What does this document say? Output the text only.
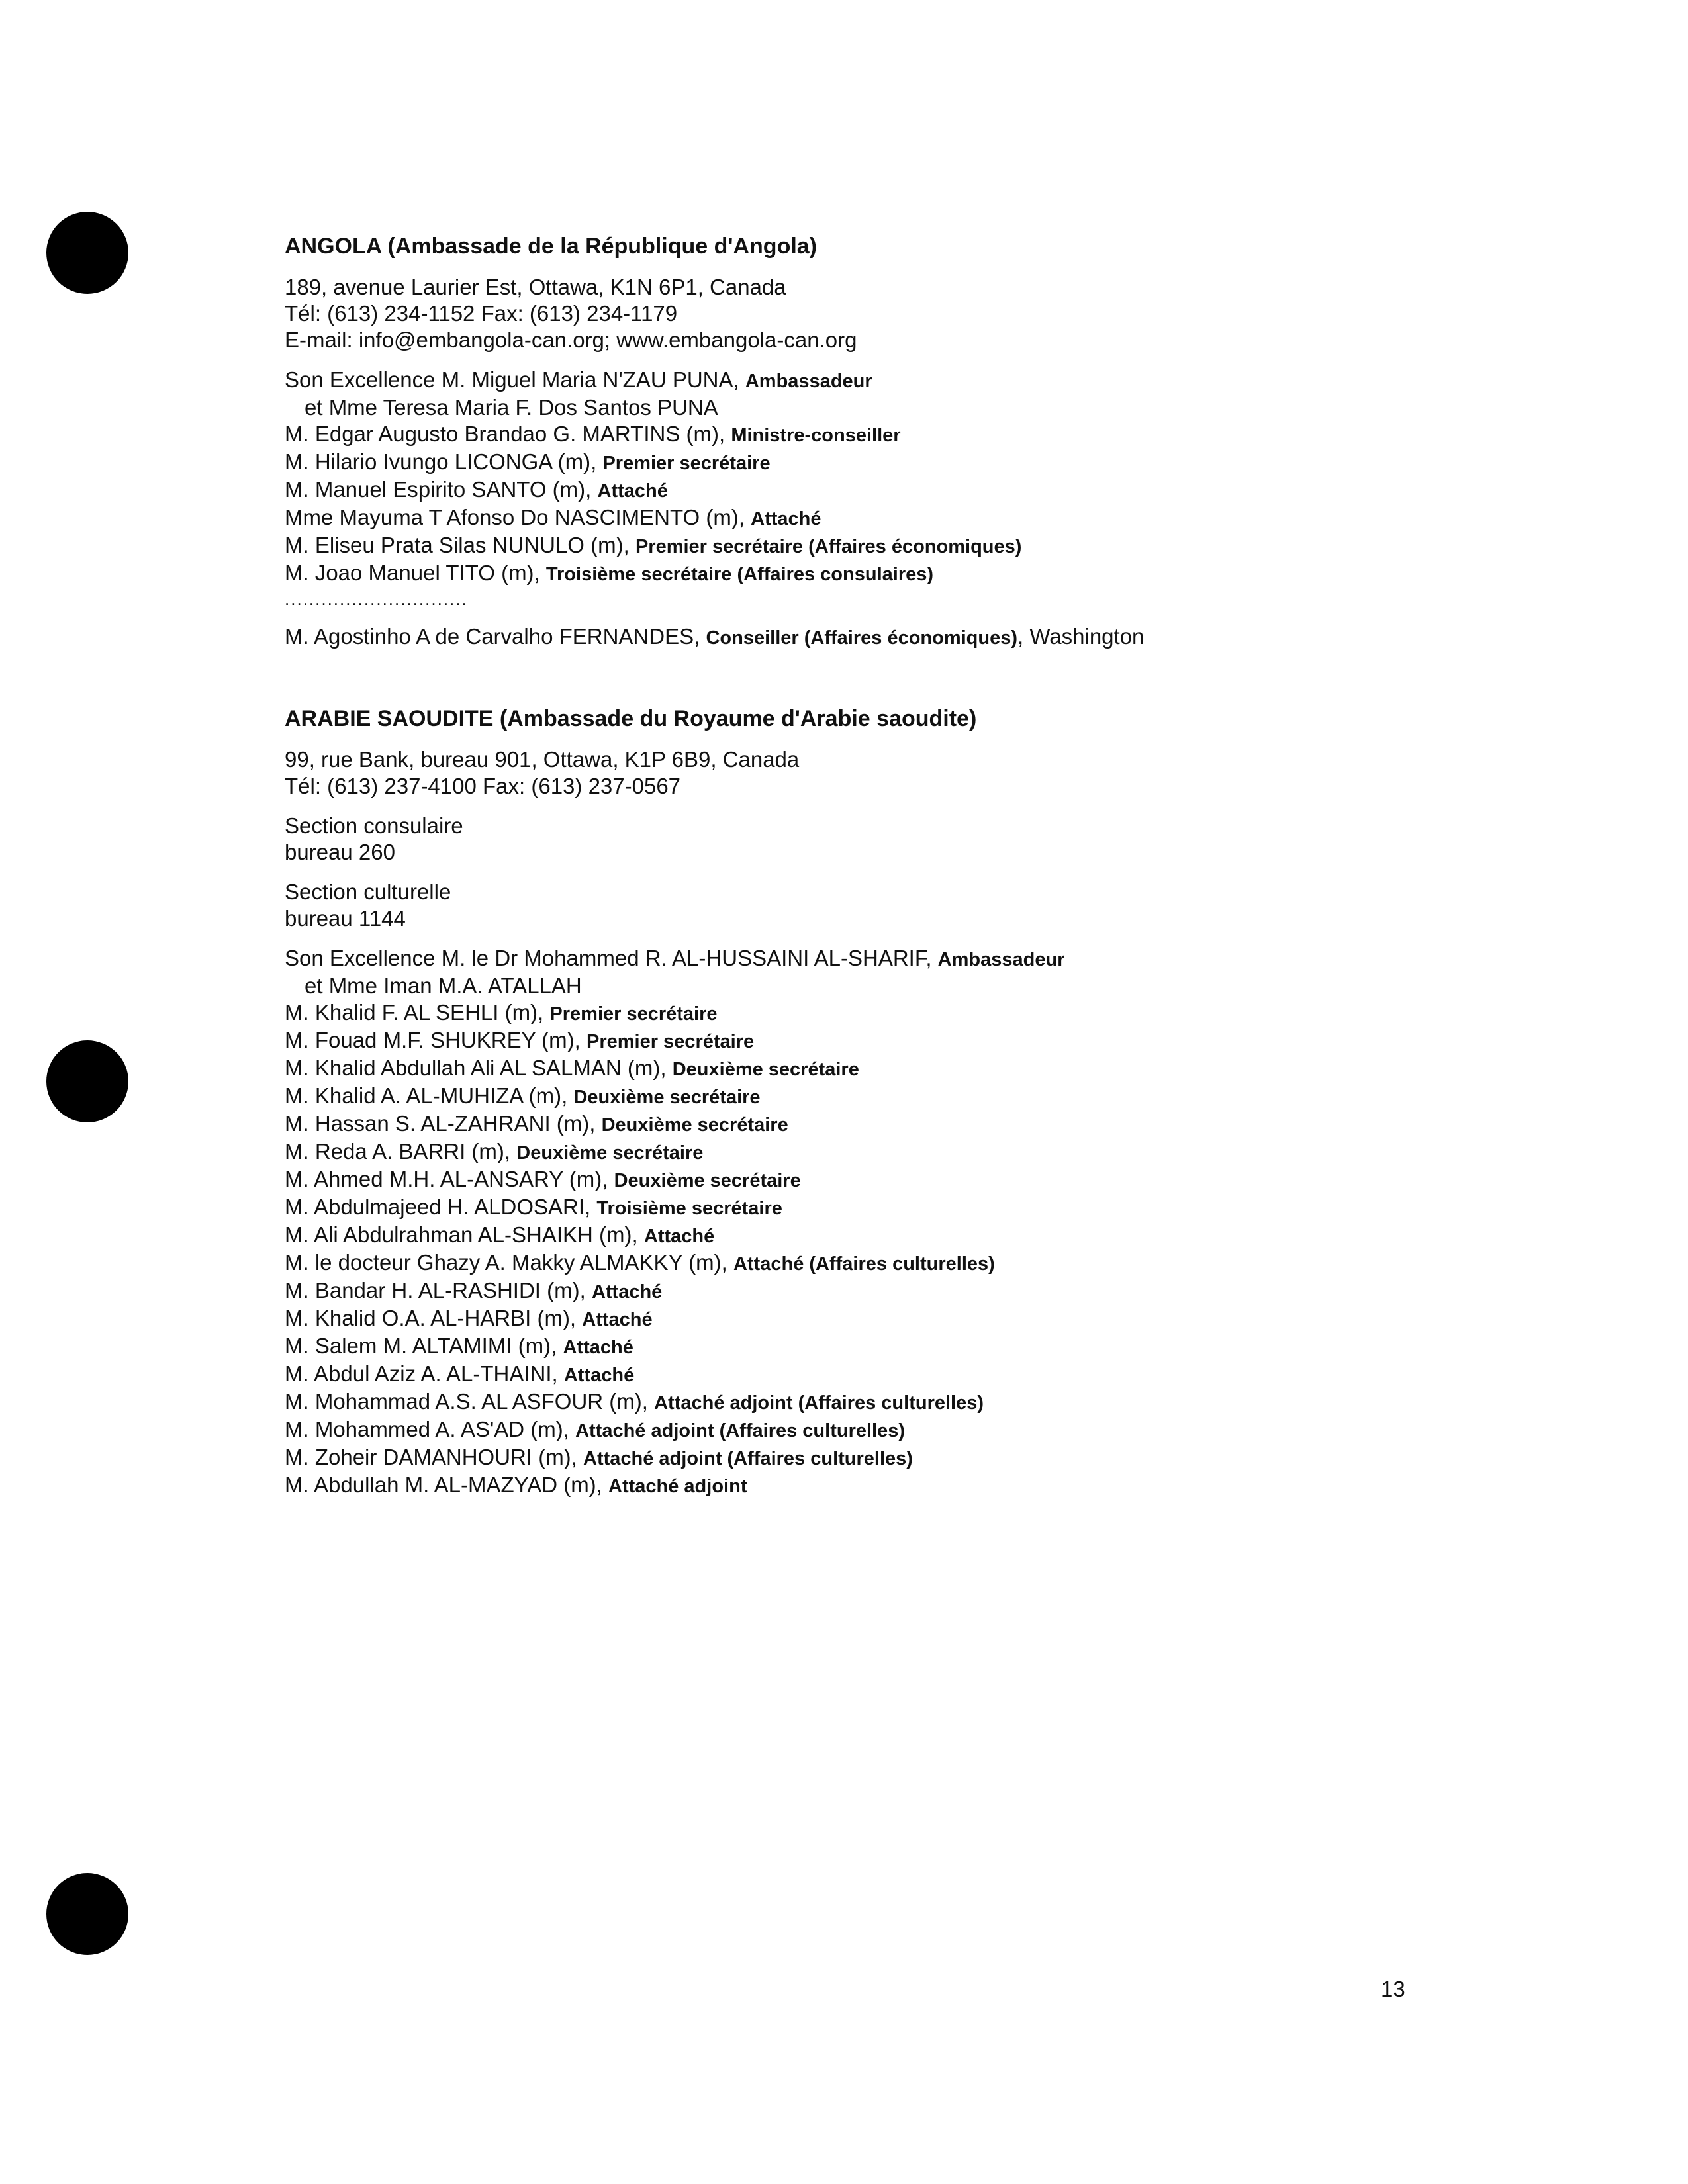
ANGOLA (Ambassade de la République d'Angola)
189, avenue Laurier Est, Ottawa, K1N 6P1, Canada
Tél: (613) 234-1152 Fax: (613) 234-1179
E-mail: info@embangola-can.org; www.embangola-can.org
Son Excellence M. Miguel Maria N'ZAU PUNA, Ambassadeur
et Mme Teresa Maria F. Dos Santos PUNA
M. Edgar Augusto Brandao G. MARTINS (m), Ministre-conseiller
M. Hilario Ivungo LICONGA (m), Premier secrétaire
M. Manuel Espirito SANTO (m), Attaché
Mme Mayuma T Afonso Do NASCIMENTO (m), Attaché
M. Eliseu Prata Silas NUNULO (m), Premier secrétaire (Affaires économiques)
M. Joao Manuel TITO (m), Troisième secrétaire (Affaires consulaires)
..............................
M. Agostinho A de Carvalho FERNANDES, Conseiller (Affaires économiques), Washington
ARABIE SAOUDITE (Ambassade du Royaume d'Arabie saoudite)
99, rue Bank, bureau 901, Ottawa, K1P 6B9, Canada
Tél: (613) 237-4100 Fax: (613) 237-0567
Section consulaire
bureau 260
Section culturelle
bureau 1144
Son Excellence M. le Dr Mohammed R. AL-HUSSAINI AL-SHARIF, Ambassadeur
et Mme Iman M.A. ATALLAH
M. Khalid F. AL SEHLI (m), Premier secrétaire
M. Fouad M.F. SHUKREY (m), Premier secrétaire
M. Khalid Abdullah Ali AL SALMAN (m), Deuxième secrétaire
M. Khalid A. AL-MUHIZA (m), Deuxième secrétaire
M. Hassan S. AL-ZAHRANI (m), Deuxième secrétaire
M. Reda A. BARRI (m), Deuxième secrétaire
M. Ahmed M.H. AL-ANSARY (m), Deuxième secrétaire
M. Abdulmajeed H. ALDOSARI, Troisième secrétaire
M. Ali Abdulrahman AL-SHAIKH (m), Attaché
M. le docteur Ghazy A. Makky ALMAKKY (m), Attaché (Affaires culturelles)
M. Bandar H. AL-RASHIDI (m), Attaché
M. Khalid O.A. AL-HARBI (m), Attaché
M. Salem M. ALTAMIMI (m), Attaché
M. Abdul Aziz A. AL-THAINI, Attaché
M. Mohammad A.S. AL ASFOUR (m), Attaché adjoint (Affaires culturelles)
M. Mohammed A. AS'AD (m), Attaché adjoint (Affaires culturelles)
M. Zoheir DAMANHOURI (m), Attaché adjoint (Affaires culturelles)
M. Abdullah M. AL-MAZYAD (m), Attaché adjoint
13
